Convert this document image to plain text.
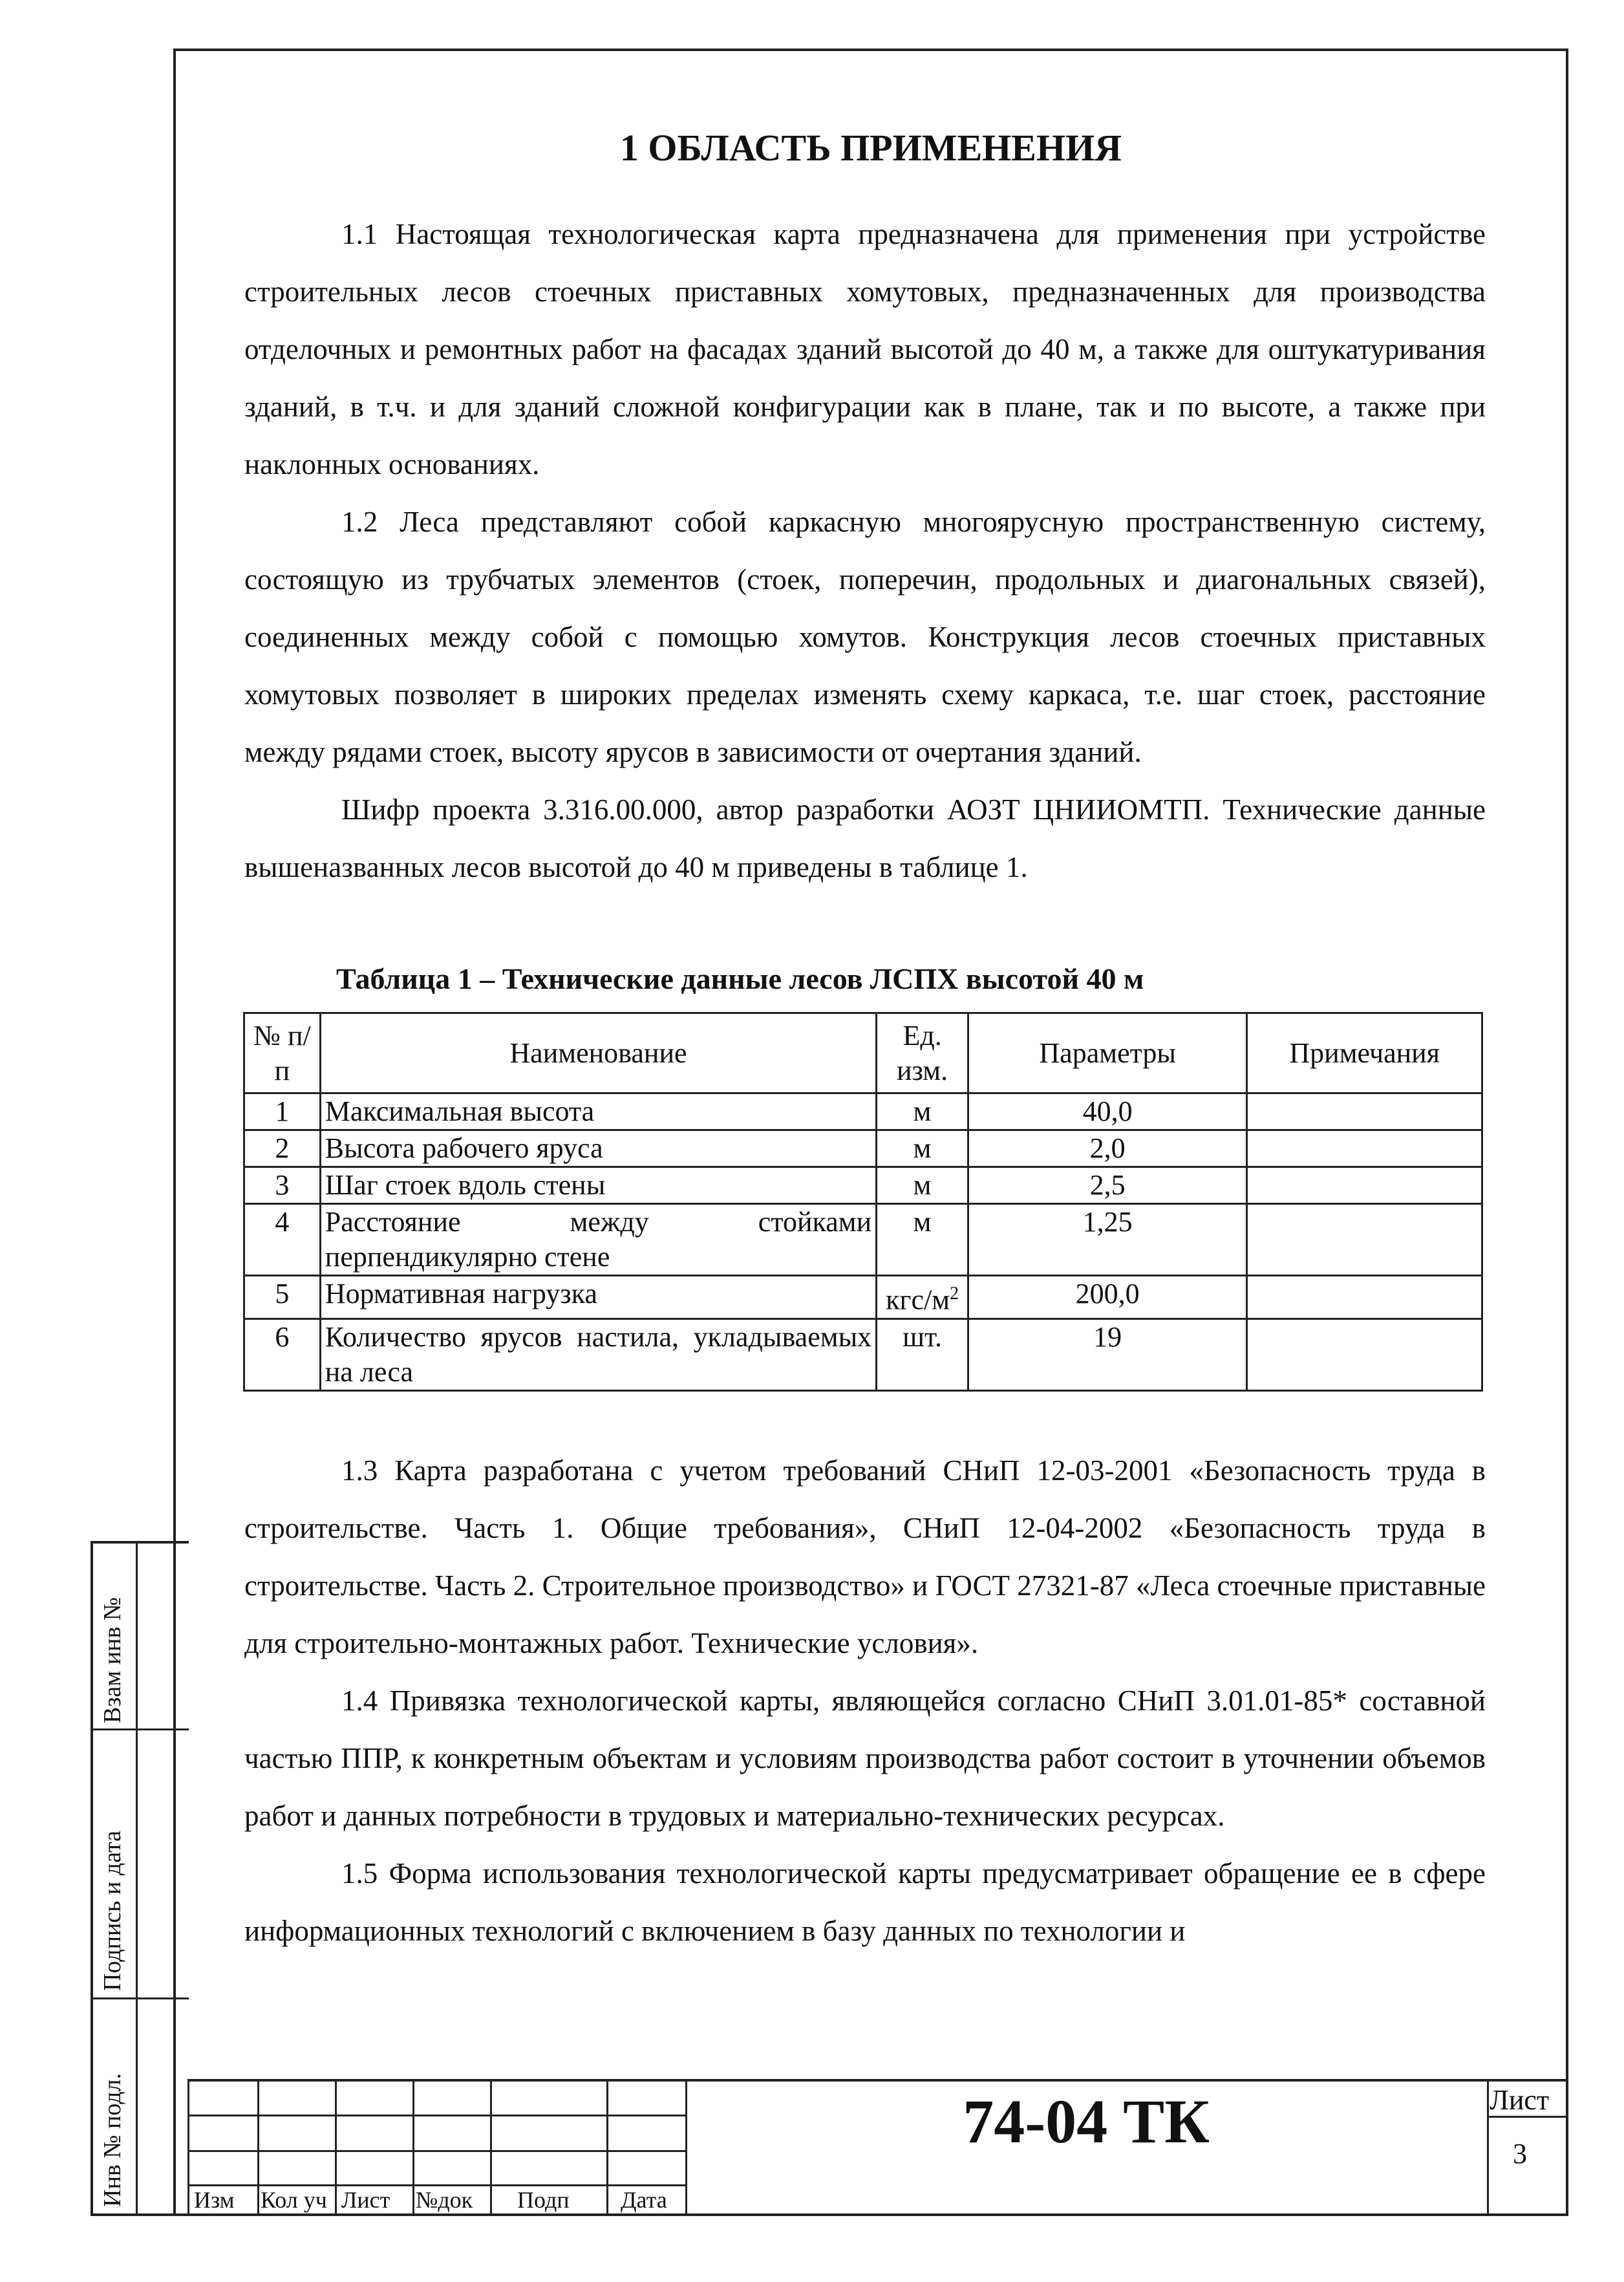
1 ОБЛАСТЬ ПРИМЕНЕНИЯ

1.1 Настоящая технологическая карта предназначена для применения при устройстве строительных лесов стоечных приставных хомутовых, предназначенных для производства отделочных и ремонтных работ на фасадах зданий высотой до 40 м, а также для оштукатуривания зданий, в т.ч. и для зданий сложной конфигурации как в плане, так и по высоте, а также при наклонных основаниях.

1.2 Леса представляют собой каркасную многоярусную пространственную систему, состоящую из трубчатых элементов (стоек, поперечин, продольных и диагональных связей), соединенных между собой с помощью хомутов. Конструкция лесов стоечных приставных хомутовых позволяет в широких пределах изменять схему каркаса, т.е. шаг стоек, расстояние между рядами стоек, высоту ярусов в зависимости от очертания зданий.

Шифр проекта 3.316.00.000, автор разработки АОЗТ ЦНИИОМТП. Технические данные вышеназванных лесов высотой до 40 м приведены в таблице 1.

Таблица 1 – Технические данные лесов ЛСПХ высотой 40 м
№ п/п	Наименование	Ед. изм.	Параметры	Примечания
1	Максимальная высота	м	40,0	
2	Высота рабочего яруса	м	2,0	
3	Шаг стоек вдоль стены	м	2,5	
4	Расстояние между стойками перпендикулярно стене	м	1,25	
5	Нормативная нагрузка	кгс/$м^2$	200,0	
6	Количество ярусов настила, укладываемых на леса	шт.	19	

1.3 Карта разработана с учетом требований СНиП 12-03-2001 «Безопасность труда в строительстве. Часть 1. Общие требования», СНиП 12-04-2002 «Безопасность труда в строительстве. Часть 2. Строительное производство» и ГОСТ 27321-87 «Леса стоечные приставные для строительно-монтажных работ. Технические условия».

1.4 Привязка технологической карты, являющейся согласно СНиП 3.01.01-85* составной частью ППР, к конкретным объектам и условиям производства работ состоит в уточнении объемов работ и данных потребности в трудовых и материально-технических ресурсах.

1.5 Форма использования технологической карты предусматривает обращение ее в сфере информационных технологий с включением в базу данных по технологии и

Взам инв №
Подпись и дата
Инв № подл.	Изм Кол уч Лист №док Подп Дата
74-04 ТК	Лист
3
